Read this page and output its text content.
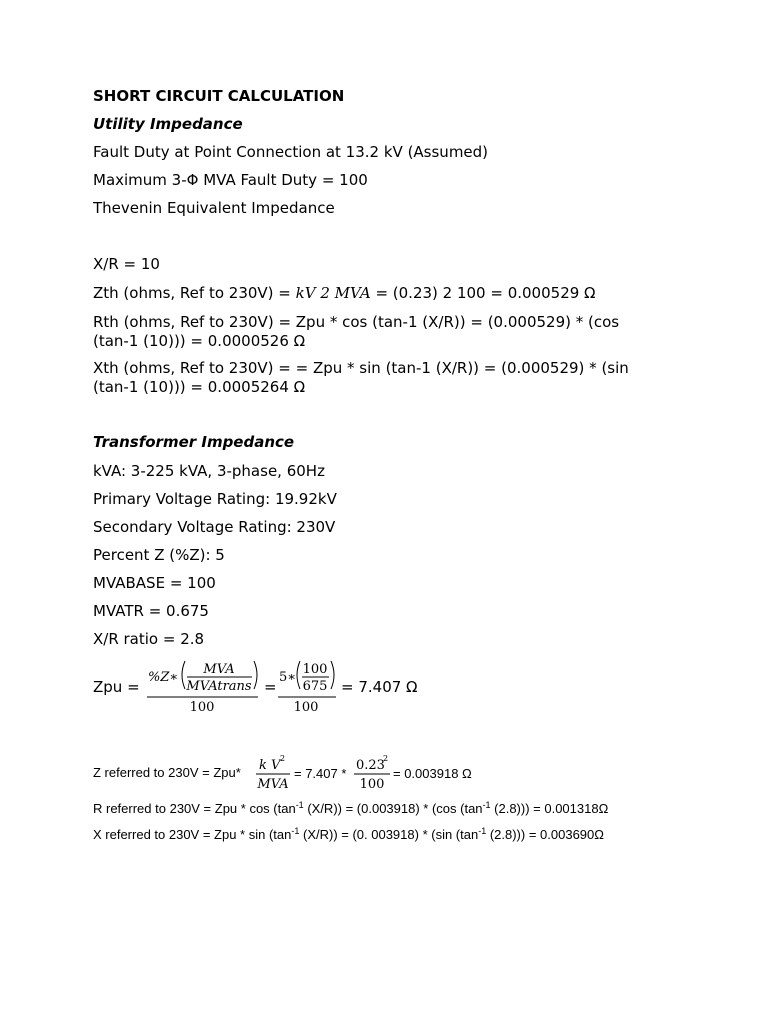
SHORT CIRCUIT CALCULATION
Utility Impedance
Fault Duty at Point Connection at 13.2 kV (Assumed)
Maximum 3-Φ MVA Fault Duty = 100
Thevenin Equivalent Impedance
X/R = 10
Zth (ohms, Ref to 230V) = kV 2 MVA = (0.23) 2 100 = 0.000529 Ω
Rth (ohms, Ref to 230V) = Zpu * cos (tan-1 (X/R)) = (0.000529) * (cos (tan-1 (10))) = 0.0000526 Ω
Xth (ohms, Ref to 230V) = = Zpu * sin (tan-1 (X/R)) = (0.000529) * (sin (tan-1 (10))) = 0.0005264 Ω
Transformer Impedance
kVA: 3-225 kVA, 3-phase, 60Hz
Primary Voltage Rating: 19.92kV
Secondary Voltage Rating: 230V
Percent Z (%Z): 5
MVABASE = 100
MVATR = 0.675
X/R ratio = 2.8
Zpu =
%Z∗
MVA
MVAtrans
100
=
5∗
100
675
100
= 7.407 Ω
Z referred to 230V = Zpu* k V 2
MVA
= 7.407 *
0.23
2
100
= 0.003918 Ω
R referred to 230V = Zpu * $\cos (\tan^{-1}$ (X/R)) = (0.003918) * (cos ($\tan^{-1}$ (2.8))) = 0.001318Ω
X referred to 230V = Zpu * $\sin (\tan^{-1}$ (X/R)) = (0. 003918) * (sin ($\tan^{-1}$ (2.8))) = 0.003690Ω
